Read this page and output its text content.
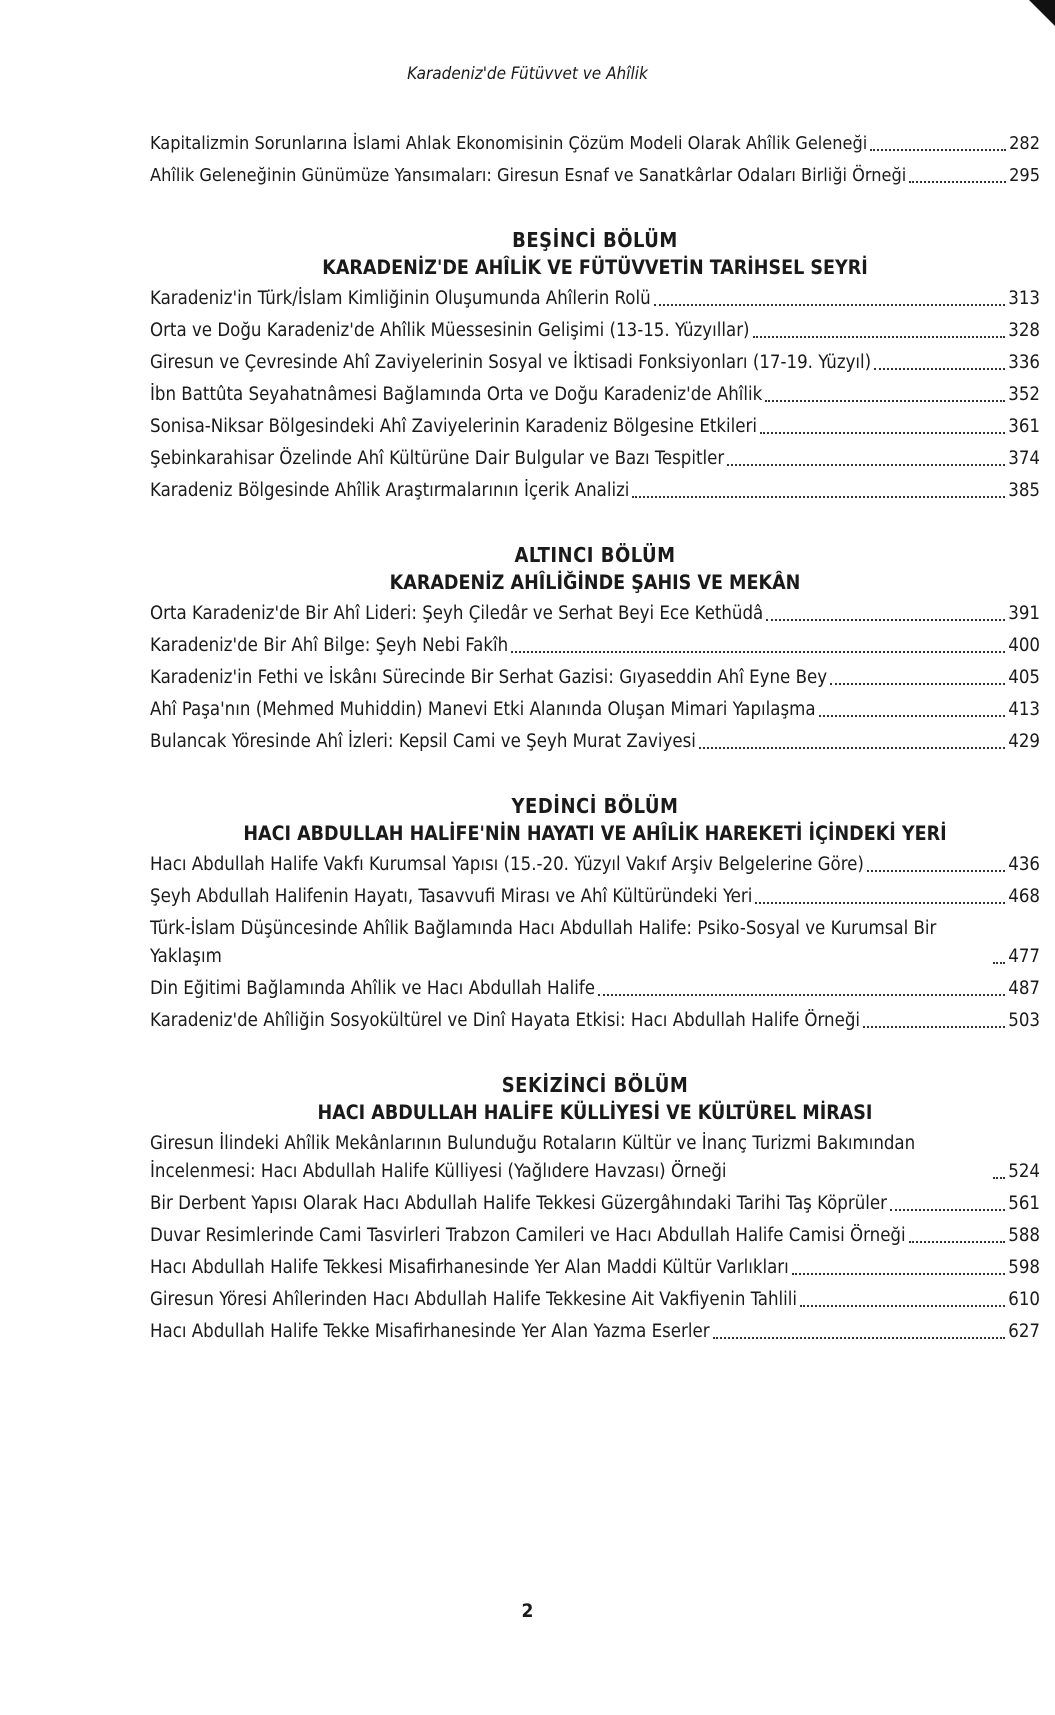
Karadeniz'de Fütüvvet ve Ahîlik
Kapitalizmin Sorunlarına İslami Ahlak Ekonomisinin Çözüm Modeli Olarak Ahîlik Geleneği	282
Ahîlik Geleneğinin Günümüze Yansımaları: Giresun Esnaf ve Sanatkârlar Odaları Birliği Örneği	295
BEŞİNCİ BÖLÜM
KARADENİZ'DE AHÎLİK VE FÜTÜVVETİN TARİHSEL SEYRİ
Karadeniz'in Türk/İslam Kimliğinin Oluşumunda Ahîlerin Rolü	313
Orta ve Doğu Karadeniz'de Ahîlik Müessesinin Gelişimi (13-15. Yüzyıllar)	328
Giresun ve Çevresinde Ahî Zaviyelerinin Sosyal ve İktisadi Fonksiyonları (17-19. Yüzyıl)	336
İbn Battûta Seyahatnâmesi Bağlamında Orta ve Doğu Karadeniz'de Ahîlik	352
Sonisa-Niksar Bölgesindeki Ahî Zaviyelerinin Karadeniz Bölgesine Etkileri	361
Şebinkarahisar Özelinde Ahî Kültürüne Dair Bulgular ve Bazı Tespitler	374
Karadeniz Bölgesinde Ahîlik Araştırmalarının İçerik Analizi	385
ALTINCI BÖLÜM
KARADENİZ AHÎLİĞİNDE ŞAHIS VE MEKÂN
Orta Karadeniz'de Bir Ahî Lideri: Şeyh Çiledâr ve Serhat Beyi Ece Kethüdâ	391
Karadeniz'de Bir Ahî Bilge: Şeyh Nebi Fakîh	400
Karadeniz'in Fethi ve İskânı Sürecinde Bir Serhat Gazisi: Gıyaseddin Ahî Eyne Bey	405
Ahî Paşa'nın (Mehmed Muhiddin) Manevi Etki Alanında Oluşan Mimari Yapılaşma	413
Bulancak Yöresinde Ahî İzleri: Kepsil Cami ve Şeyh Murat Zaviyesi	429
YEDİNCİ BÖLÜM
HACI ABDULLAH HALİFE'NİN HAYATI VE AHÎLİK HAREKETİ İÇİNDEKİ YERİ
Hacı Abdullah Halife Vakfı Kurumsal Yapısı (15.-20. Yüzyıl Vakıf Arşiv Belgelerine Göre)	436
Şeyh Abdullah Halifenin Hayatı, Tasavvufi Mirası ve Ahî Kültüründeki Yeri	468
Türk-İslam Düşüncesinde Ahîlik Bağlamında Hacı Abdullah Halife: Psiko-Sosyal ve Kurumsal Bir Yaklaşım	477
Din Eğitimi Bağlamında Ahîlik ve Hacı Abdullah Halife	487
Karadeniz'de Ahîliğin Sosyokültürel ve Dinî Hayata Etkisi: Hacı Abdullah Halife Örneği	503
SEKİZİNCİ BÖLÜM
HACI ABDULLAH HALİFE KÜLLİYESİ VE KÜLTÜREL MİRASI
Giresun İlindeki Ahîlik Mekânlarının Bulunduğu Rotaların Kültür ve İnanç Turizmi Bakımından İncelenmesi: Hacı Abdullah Halife Külliyesi (Yağlıdere Havzası) Örneği	524
Bir Derbent Yapısı Olarak Hacı Abdullah Halife Tekkesi Güzergâhındaki Tarihi Taş Köprüler	561
Duvar Resimlerinde Cami Tasvirleri Trabzon Camileri ve Hacı Abdullah Halife Camisi Örneği	588
Hacı Abdullah Halife Tekkesi Misafirhanesinde Yer Alan Maddi Kültür Varlıkları	598
Giresun Yöresi Ahîlerinden Hacı Abdullah Halife Tekkesine Ait Vakfiyenin Tahlili	610
Hacı Abdullah Halife Tekke Misafirhanesinde Yer Alan Yazma Eserler	627
2
